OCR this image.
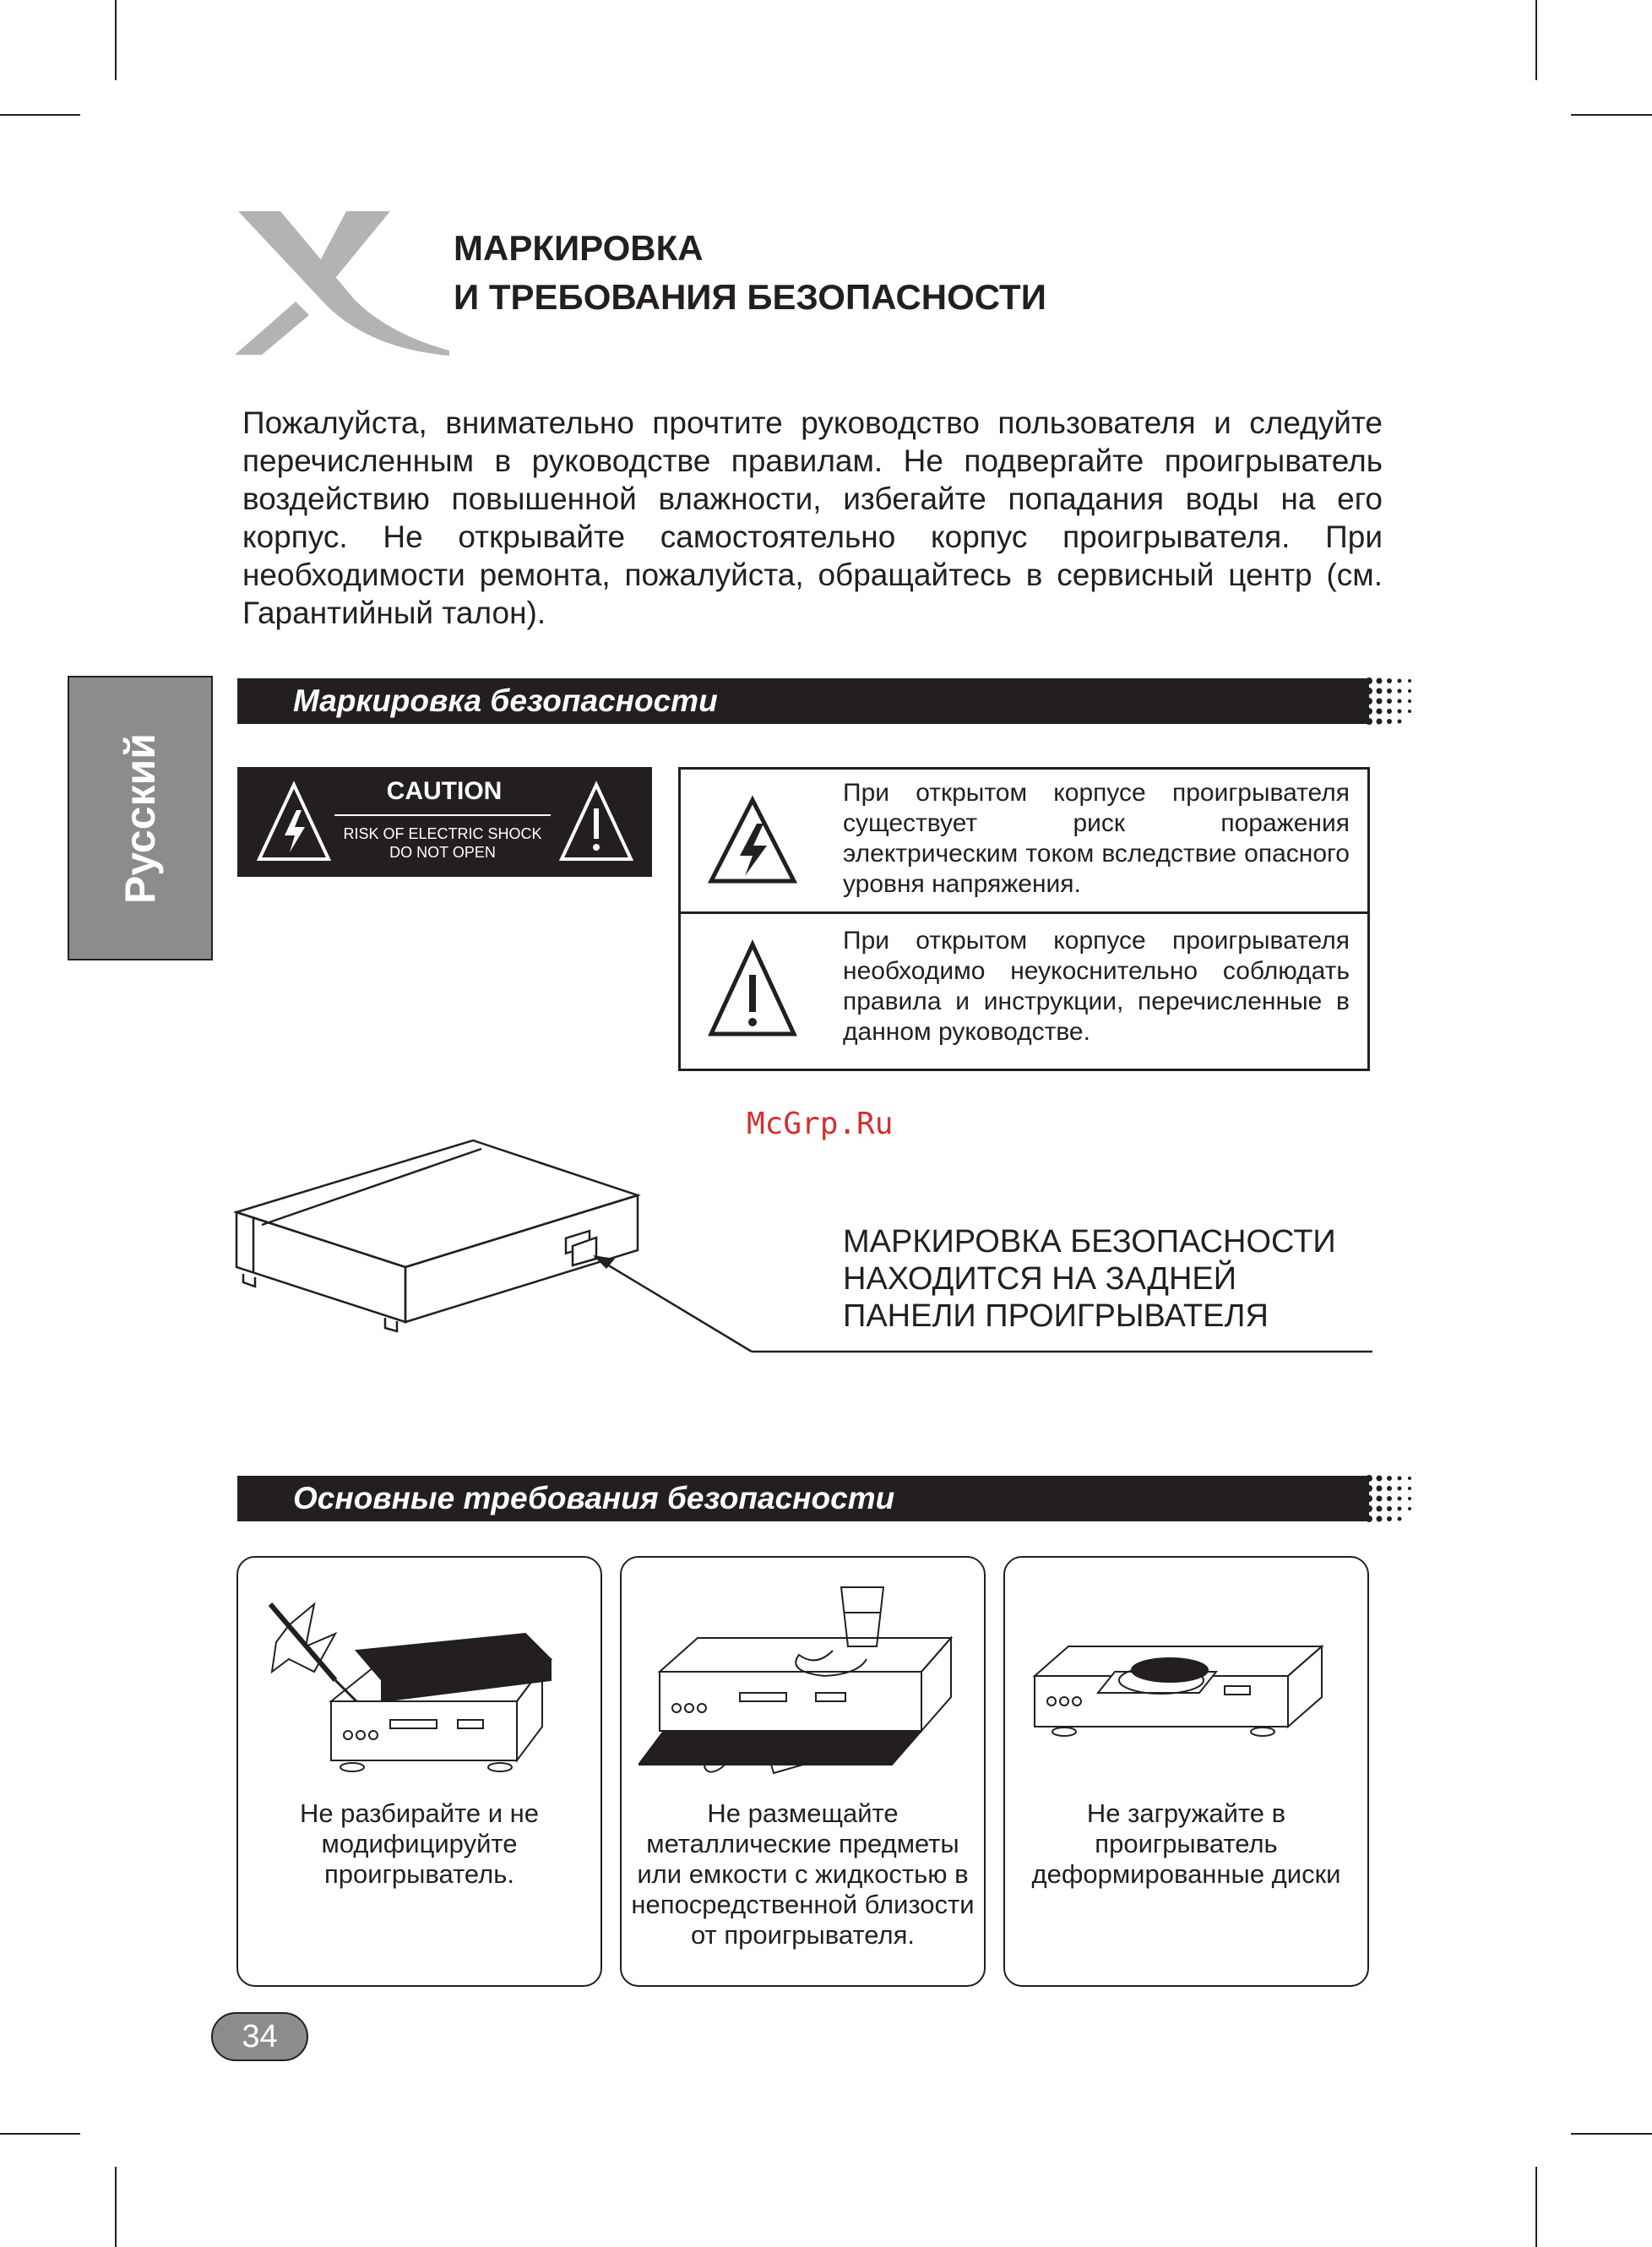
МАРКИРОВКА
И ТРЕБОВАНИЯ БЕЗОПАСНОСТИ
Пожалуйста, внимательно прочтите руководство пользователя и следуйте перечисленным в руководстве правилам. Не подвергайте проигрыватель воздействию повышенной влажности, избегайте попадания воды на его корпус. Не открывайте самостоятельно корпус проигрывателя. При необходимости ремонта, пожалуйста, обращайтесь в сервисный центр (см. Гарантийный талон).
Русский
Маркировка безопасности
CAUTION
RISK OF ELECTRIC SHOCK
DO NOT OPEN
При открытом корпусе проигрывателя существует риск поражения электрическим током вследствие опасного уровня напряжения.
При открытом корпусе проигрывателя необходимо неукоснительно соблюдать правила и инструкции, перечисленные в данном руководстве.
McGrp.Ru
МАРКИРОВКА БЕЗОПАСНОСТИ
НАХОДИТСЯ НА ЗАДНЕЙ
ПАНЕЛИ ПРОИГРЫВАТЕЛЯ
Основные требования безопасности
Не разбирайте и не модифицируйте проигрыватель.
Не размещайте металлические предметы или емкости с жидкостью в непосредственной близости от проигрывателя.
Не загружайте в проигрыватель деформированные диски
34
